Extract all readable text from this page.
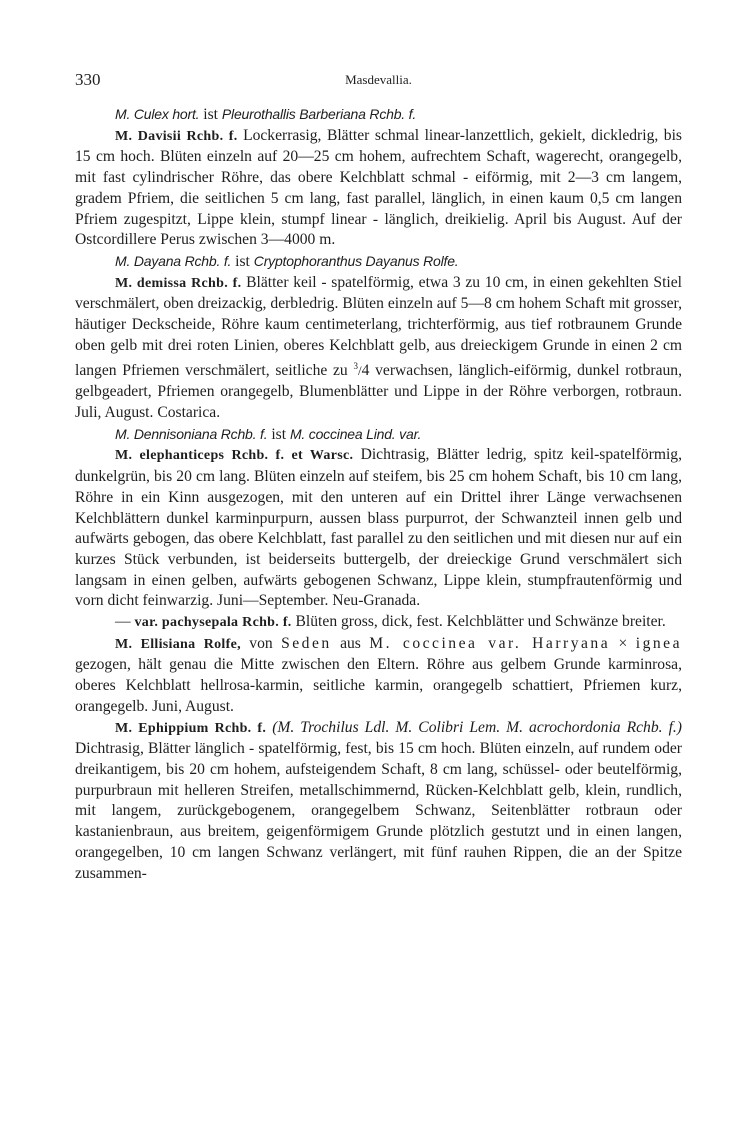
330	Masdevallia.

M. Culex hort. ist Pleurothallis Barberiana Rchb. f.

M. Davisii Rchb. f. Lockerrasig, Blätter schmal linear-lanzettlich, gekielt, dickledrig, bis 15 cm hoch. Blüten einzeln auf 20—25 cm hohem, aufrechtem Schaft, wagerecht, orangegelb, mit fast cylindrischer Röhre, das obere Kelchblatt schmal - eiförmig, mit 2—3 cm langem, gradem Pfriem, die seitlichen 5 cm lang, fast parallel, länglich, in einen kaum 0,5 cm langen Pfriem zugespitzt, Lippe klein, stumpf linear - länglich, dreikielig. April bis August. Auf der Ostcordillere Perus zwischen 3—4000 m.

M. Dayana Rchb. f. ist Cryptophoranthus Dayanus Rolfe.

M. demissa Rchb. f. Blätter keil - spatelförmig, etwa 3 zu 10 cm, in einen gekehlten Stiel verschmälert, oben dreizackig, derbledrig. Blüten einzeln auf 5—8 cm hohem Schaft mit grosser, häutiger Deckscheide, Röhre kaum centimeterlang, trichterförmig, aus tief rotbraunem Grunde oben gelb mit drei roten Linien, oberes Kelchblatt gelb, aus dreieckigem Grunde in einen 2 cm langen Pfriemen verschmälert, seitliche zu $^3$/4 verwachsen, länglich-eiförmig, dunkel rotbraun, gelbgeadert, Pfriemen orangegelb, Blumenblätter und Lippe in der Röhre verborgen, rotbraun. Juli, August. Costarica.

M. Dennisoniana Rchb. f. ist M. coccinea Lind. var.

M. elephanticeps Rchb. f. et Warsc. Dichtrasig, Blätter ledrig, spitz keil-spatelförmig, dunkelgrün, bis 20 cm lang. Blüten einzeln auf steifem, bis 25 cm hohem Schaft, bis 10 cm lang, Röhre in ein Kinn ausgezogen, mit den unteren auf ein Drittel ihrer Länge verwachsenen Kelchblättern dunkel karminpurpurn, aussen blass purpurrot, der Schwanzteil innen gelb und aufwärts gebogen, das obere Kelchblatt, fast parallel zu den seitlichen und mit diesen nur auf ein kurzes Stück verbunden, ist beiderseits buttergelb, der dreieckige Grund verschmälert sich langsam in einen gelben, aufwärts gebogenen Schwanz, Lippe klein, stumpfrautenförmig und vorn dicht feinwarzig. Juni—September. Neu-Granada.

— var. pachysepala Rchb. f. Blüten gross, dick, fest. Kelchblätter und Schwänze breiter.

M. Ellisiana Rolfe, von Seden aus M. coccinea var. Harryana × ignea gezogen, hält genau die Mitte zwischen den Eltern. Röhre aus gelbem Grunde karminrosa, oberes Kelchblatt hellrosa-karmin, seitliche karmin, orangegelb schattiert, Pfriemen kurz, orangegelb. Juni, August.

M. Ephippium Rchb. f. (M. Trochilus Ldl. M. Colibri Lem. M. acrochordonia Rchb. f.) Dichtrasig, Blätter länglich - spatelförmig, fest, bis 15 cm hoch. Blüten einzeln, auf rundem oder dreikantigem, bis 20 cm hohem, aufsteigendem Schaft, 8 cm lang, schüssel- oder beutelförmig, purpurbraun mit helleren Streifen, metallschimmernd, Rücken-Kelchblatt gelb, klein, rundlich, mit langem, zurückgebogenem, orangegelbem Schwanz, Seitenblätter rotbraun oder kastanienbraun, aus breitem, geigenförmigem Grunde plötzlich gestutzt und in einen langen, orangegelben, 10 cm langen Schwanz verlängert, mit fünf rauhen Rippen, die an der Spitze zusammen-
